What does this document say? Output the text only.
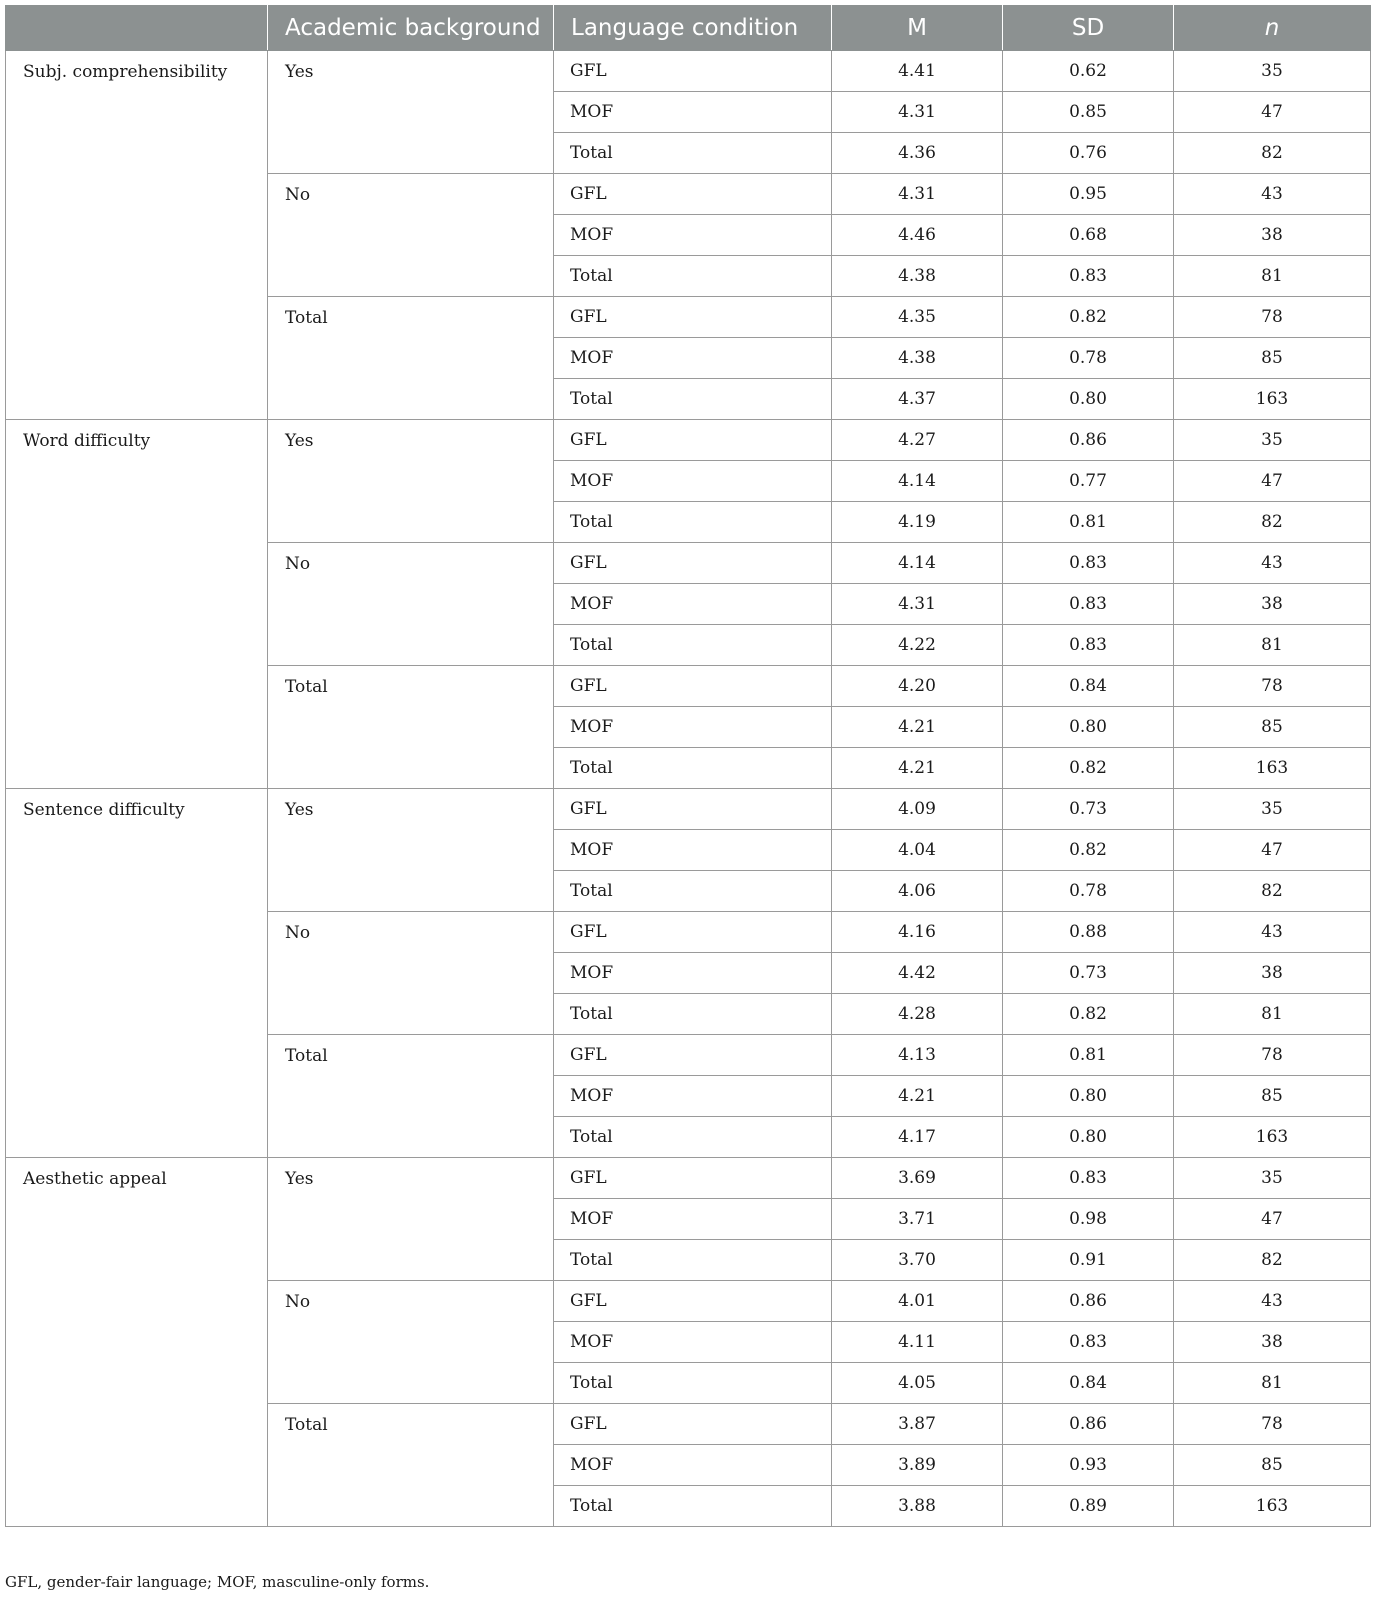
	Academic background	Language condition	M	SD	n
Subj. comprehensibility	Yes	GFL	4.41	0.62	35
		MOF	4.31	0.85	47
		Total	4.36	0.76	82
	No	GFL	4.31	0.95	43
		MOF	4.46	0.68	38
		Total	4.38	0.83	81
	Total	GFL	4.35	0.82	78
		MOF	4.38	0.78	85
		Total	4.37	0.80	163
Word difficulty	Yes	GFL	4.27	0.86	35
		MOF	4.14	0.77	47
		Total	4.19	0.81	82
	No	GFL	4.14	0.83	43
		MOF	4.31	0.83	38
		Total	4.22	0.83	81
	Total	GFL	4.20	0.84	78
		MOF	4.21	0.80	85
		Total	4.21	0.82	163
Sentence difficulty	Yes	GFL	4.09	0.73	35
		MOF	4.04	0.82	47
		Total	4.06	0.78	82
	No	GFL	4.16	0.88	43
		MOF	4.42	0.73	38
		Total	4.28	0.82	81
	Total	GFL	4.13	0.81	78
		MOF	4.21	0.80	85
		Total	4.17	0.80	163
Aesthetic appeal	Yes	GFL	3.69	0.83	35
		MOF	3.71	0.98	47
		Total	3.70	0.91	82
	No	GFL	4.01	0.86	43
		MOF	4.11	0.83	38
		Total	4.05	0.84	81
	Total	GFL	3.87	0.86	78
		MOF	3.89	0.93	85
		Total	3.88	0.89	163
GFL, gender-fair language; MOF, masculine-only forms.
